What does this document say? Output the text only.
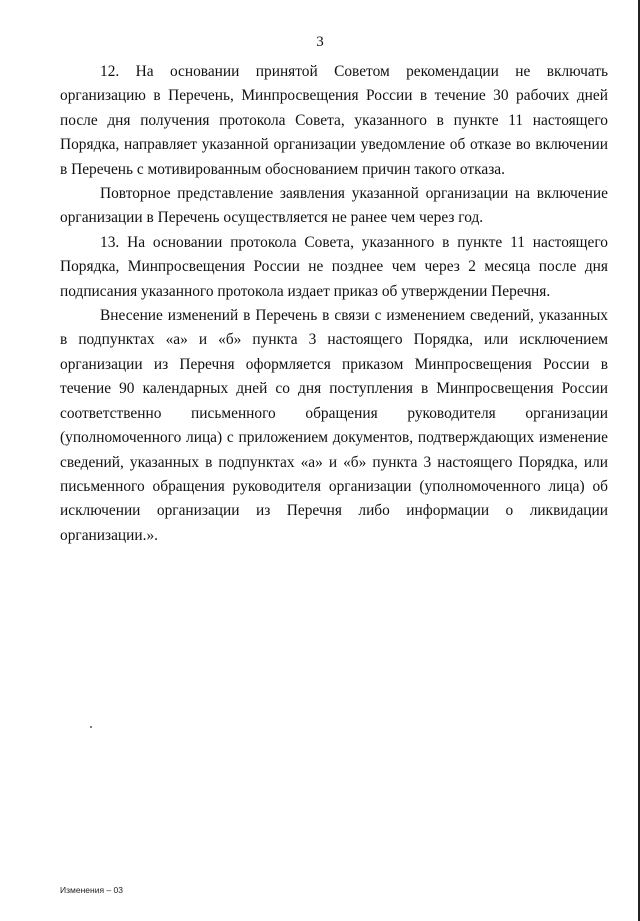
3

12. На основании принятой Советом рекомендации не включать организацию в Перечень, Минпросвещения России в течение 30 рабочих дней после дня получения протокола Совета, указанного в пункте 11 настоящего Порядка, направляет указанной организации уведомление об отказе во включении в Перечень с мотивированным обоснованием причин такого отказа.

Повторное представление заявления указанной организации на включение организации в Перечень осуществляется не ранее чем через год.

13. На основании протокола Совета, указанного в пункте 11 настоящего Порядка, Минпросвещения России не позднее чем через 2 месяца после дня подписания указанного протокола издает приказ об утверждении Перечня.

Внесение изменений в Перечень в связи с изменением сведений, указанных в подпунктах «а» и «б» пункта 3 настоящего Порядка, или исключением организации из Перечня оформляется приказом Минпросвещения России в течение 90 календарных дней со дня поступления в Минпросвещения России соответственно письменного обращения руководителя организации (уполномоченного лица) с приложением документов, подтверждающих изменение сведений, указанных в подпунктах «а» и «б» пункта 3 настоящего Порядка, или письменного обращения руководителя организации (уполномоченного лица) об исключении организации из Перечня либо информации о ликвидации организации.».

Изменения – 03
